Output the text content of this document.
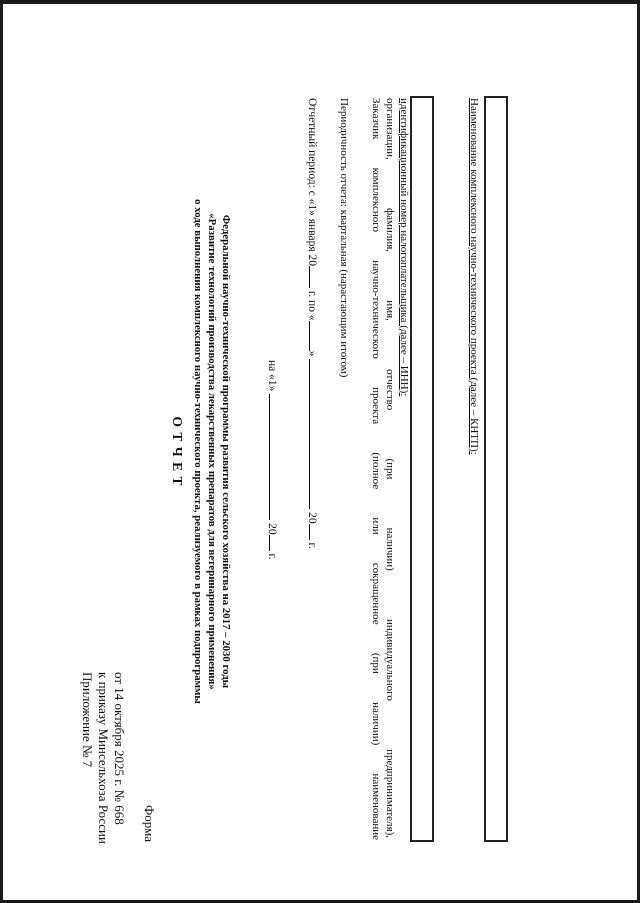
Приложение № 7 к приказу Минсельхоза России от 14 октября 2025 г. № 668 Форма
О Т Ч Е Т о ходе выполнения комплексного научно-технического проекта, реализуемого в рамках подпрограммы «Развитие технологий производства лекарственных препаратов для ветеринарного применения» Федеральной научно-технической программы развития сельского хозяйства на 2017 – 2030 годы	на «1»  20 г.
Отчетный период: с «1» января 20 г. по «»  20 г.
Периодичность отчета: квартальная (нарастающим итогом) Заказчик комплексного научно-технического проекта (полное или сокращенное (при наличии) наименование организации, фамилия, имя, отчество (при наличии) индивидуального предпринимателя), идентификационный номер налогоплательщика (далее – ИНН):	Наименование комплексного научно-технического проекта (далее – КНТП):
